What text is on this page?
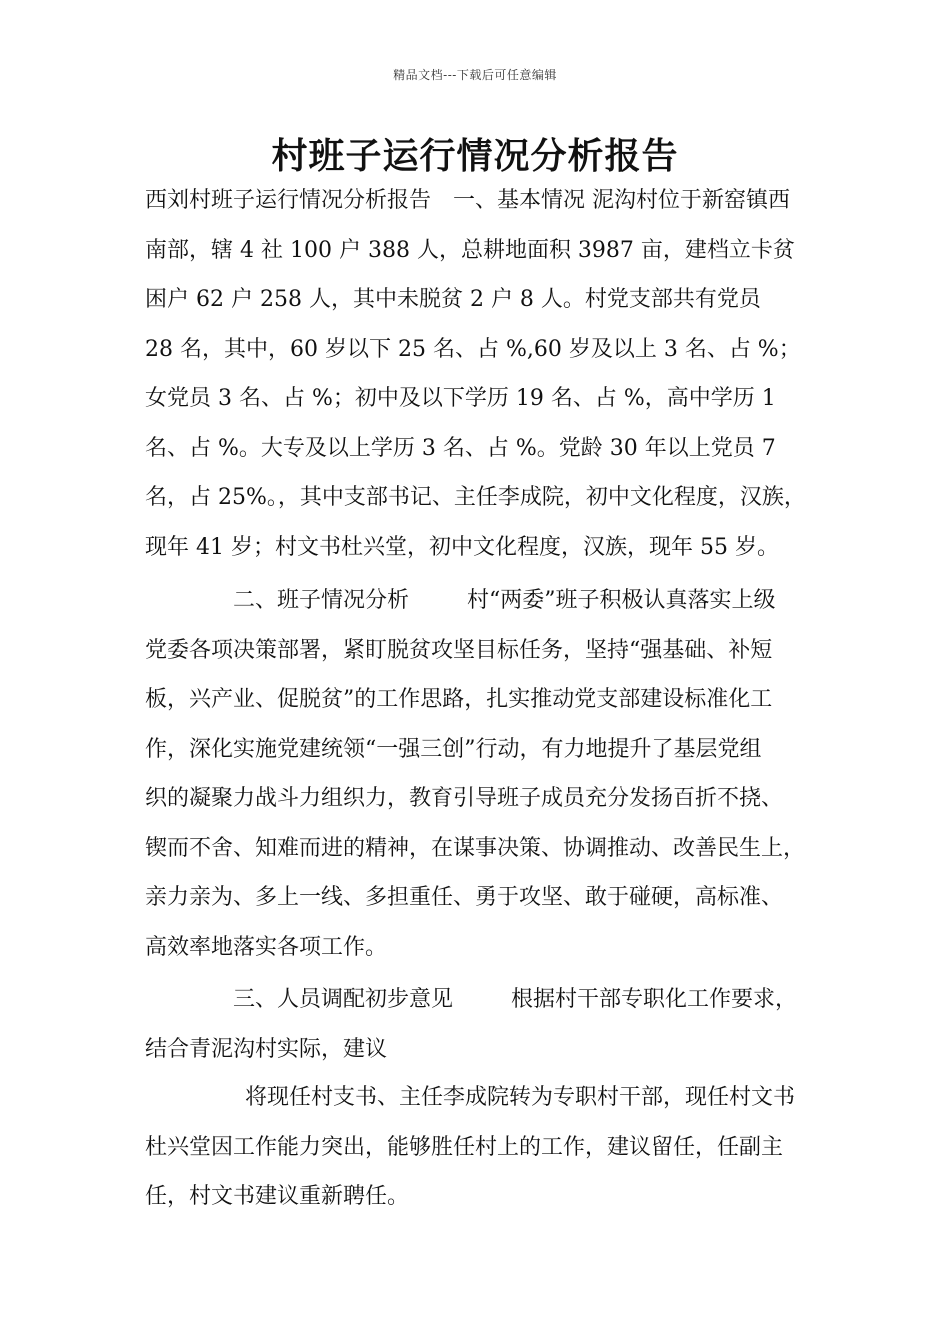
精品文档---下载后可任意编辑
村班子运行情况分析报告
西刘村班子运行情况分析报告　一、基本情况 泥沟村位于新窑镇西
南部，辖 4 社 100 户 388 人，总耕地面积 3987 亩，建档立卡贫
困户 62 户 258 人，其中未脱贫 2 户 8 人。村党支部共有党员
28 名，其中，60 岁以下 25 名、占 %,60 岁及以上 3 名、占 %；
女党员 3 名、占 %；初中及以下学历 19 名、占 %，高中学历 1
名、占 %。大专及以上学历 3 名、占 %。党龄 30 年以上党员 7
名，占 25%。，其中支部书记、主任李成院，初中文化程度，汉族，
现年 41 岁；村文书杜兴堂，初中文化程度，汉族，现年 55 岁。
二、班子情况分析	村“两委”班子积极认真落实上级
党委各项决策部署，紧盯脱贫攻坚目标任务，坚持“强基础、补短
板，兴产业、促脱贫”的工作思路，扎实推动党支部建设标准化工
作，深化实施党建统领“一强三创”行动，有力地提升了基层党组
织的凝聚力战斗力组织力，教育引导班子成员充分发扬百折不挠、
锲而不舍、知难而进的精神，在谋事决策、协调推动、改善民生上，
亲力亲为、多上一线、多担重任、勇于攻坚、敢于碰硬，高标准、
高效率地落实各项工作。
三、人员调配初步意见	根据村干部专职化工作要求，
结合青泥沟村实际，建议
将现任村支书、主任李成院转为专职村干部，现任村文书
杜兴堂因工作能力突出，能够胜任村上的工作，建议留任，任副主
任，村文书建议重新聘任。
